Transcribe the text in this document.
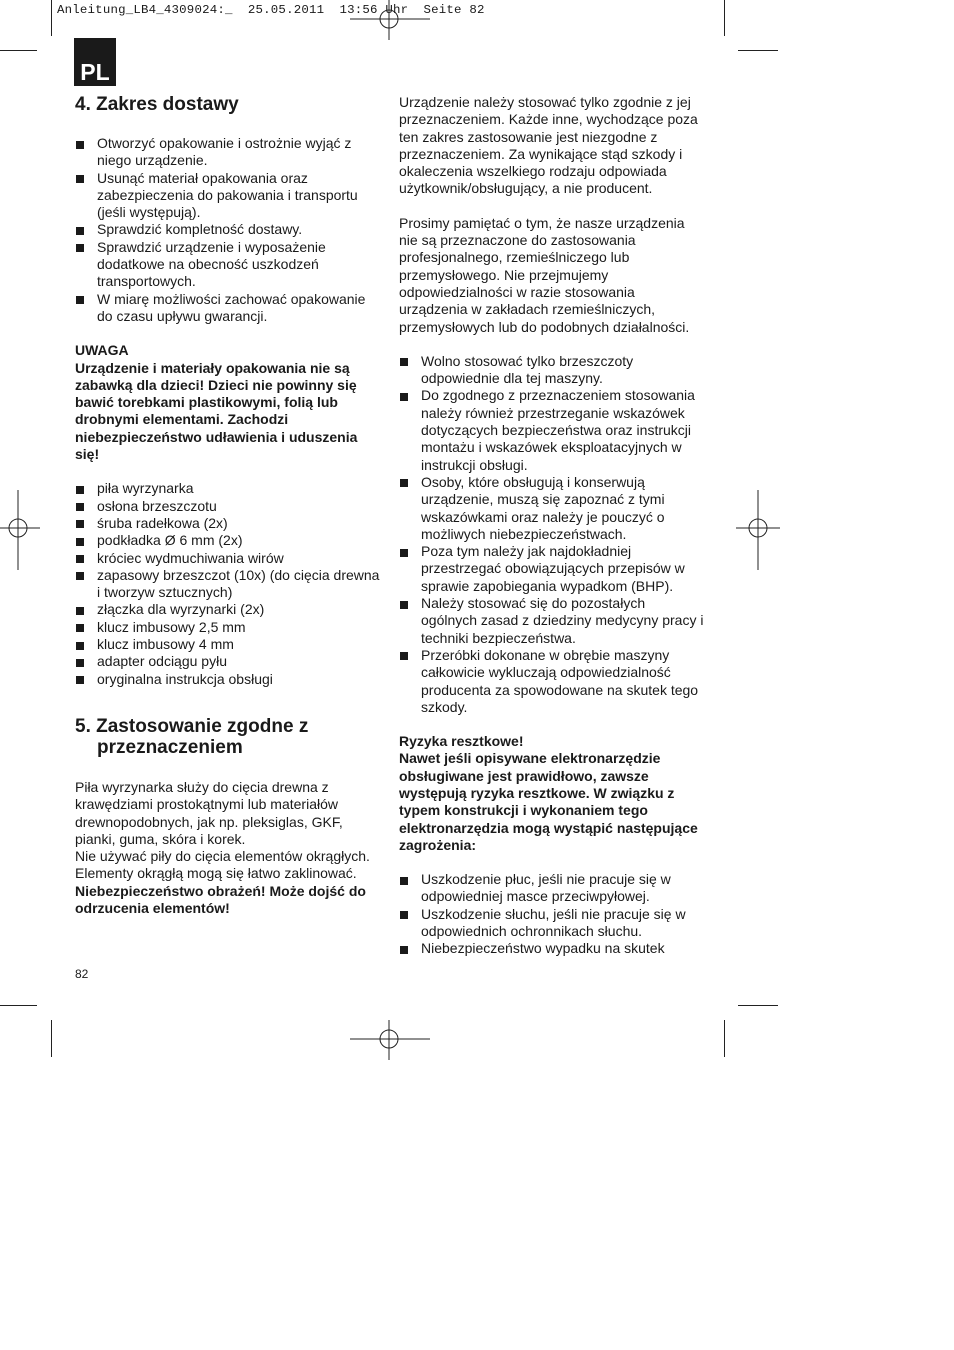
Anleitung_LB4_4309024:_  25.05.2011  13:56 Uhr  Seite 82
PL
4. Zakres dostawy
Otworzyć opakowanie i ostrożnie wyjąć z niego urządzenie.
Usunąć materiał opakowania oraz zabezpieczenia do pakowania i transportu (jeśli występują).
Sprawdzić kompletność dostawy.
Sprawdzić urządzenie i wyposażenie dodatkowe na obecność uszkodzeń transportowych.
W miarę możliwości zachować opakowanie do czasu upływu gwarancji.

UWAGA

Urządzenie i materiały opakowania nie są zabawką dla dzieci! Dzieci nie powinny się bawić torebkami plastikowymi, folią lub drobnymi elementami. Zachodzi niebezpieczeństwo udławienia i uduszenia się!

piła wyrzynarka
osłona brzeszczotu
śruba radełkowa (2x)
podkładka Ø 6 mm (2x)
króciec wydmuchiwania wirów
zapasowy brzeszczot (10x) (do cięcia drewna i tworzyw sztucznych)
złączka dla wyrzynarki (2x)
klucz imbusowy 2,5 mm
klucz imbusowy 4 mm
adapter odciągu pyłu
oryginalna instrukcja obsługi
5. Zastosowanie zgodne z przeznaczeniem

Piła wyrzynarka służy do cięcia drewna z krawędziami prostokątnymi lub materiałów drewnopodobnych, jak np. pleksiglas, GKF, pianki, guma, skóra i korek.

Nie używać piły do cięcia elementów okrągłych. Elementy okrągłą mogą się łatwo zaklinować.

Niebezpieczeństwo obrażeń! Może dojść do odrzucenia elementów!

Urządzenie należy stosować tylko zgodnie z jej przeznaczeniem. Każde inne, wychodzące poza ten zakres zastosowanie jest niezgodne z przeznaczeniem. Za wynikające stąd szkody i okaleczenia wszelkiego rodzaju odpowiada użytkownik/obsługujący, a nie producent.

Prosimy pamiętać o tym, że nasze urządzenia nie są przeznaczone do zastosowania profesjonalnego, rzemieślniczego lub przemysłowego. Nie przejmujemy odpowiedzialności w razie stosowania urządzenia w zakładach rzemieślniczych, przemysłowych lub do podobnych działalności.

Wolno stosować tylko brzeszczoty odpowiednie dla tej maszyny.
Do zgodnego z przeznaczeniem stosowania należy również przestrzeganie wskazówek dotyczących bezpieczeństwa oraz instrukcji montażu i wskazówek eksploatacyjnych w instrukcji obsługi.
Osoby, które obsługują i konserwują urządzenie, muszą się zapoznać z tymi wskazówkami oraz należy je pouczyć o możliwych niebezpieczeństwach.
Poza tym należy jak najdokładniej przestrzegać obowiązujących przepisów w sprawie zapobiegania wypadkom (BHP).
Należy stosować się do pozostałych ogólnych zasad z dziedziny medycyny pracy i techniki bezpieczeństwa.
Przeróbki dokonane w obrębie maszyny całkowicie wykluczają odpowiedzialność producenta za spowodowane na skutek tego szkody.

Ryzyka resztkowe!

Nawet jeśli opisywane elektronarzędzie obsługiwane jest prawidłowo, zawsze występują ryzyka resztkowe. W związku z typem konstrukcji i wykonaniem tego elektronarzędzia mogą wystąpić następujące zagrożenia:

Uszkodzenie płuc, jeśli nie pracuje się w odpowiedniej masce przeciwpyłowej.
Uszkodzenie słuchu, jeśli nie pracuje się w odpowiednich ochronnikach słuchu.
Niebezpieczeństwo wypadku na skutek
82
